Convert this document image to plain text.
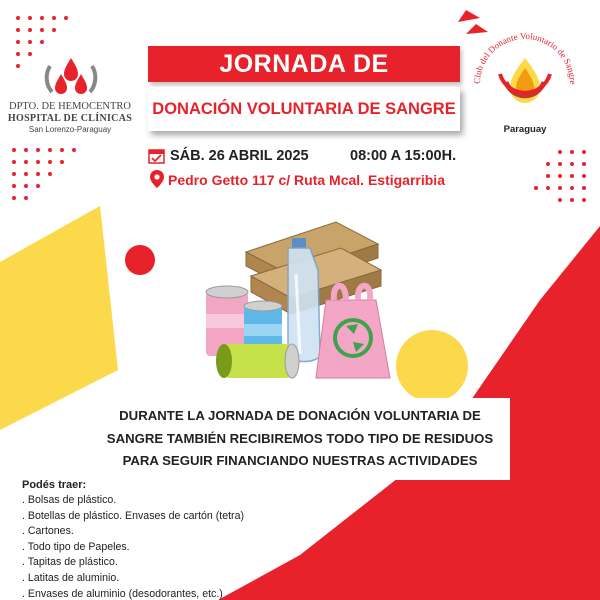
DPTO. DE HEMOCENTRO
HOSPITAL DE CLÍNICAS
San Lorenzo-Paraguay
JORNADA DE
DONACIÓN VOLUNTARIA DE SANGRE
Club del Donante Voluntario de Sangre
Paraguay
SÁB. 26 ABRIL 2025	08:00 A 15:00H.
Pedro Getto 117 c/ Ruta Mcal. Estigarribia
DURANTE LA JORNADA DE DONACIÓN VOLUNTARIA DE
SANGRE TAMBIÉN RECIBIREMOS TODO TIPO DE RESIDUOS
PARA SEGUIR FINANCIANDO NUESTRAS ACTIVIDADES
Podés traer:
. Bolsas de plástico.
. Botellas de plástico. Envases de cartón (tetra)
. Cartones.
. Todo tipo de Papeles.
. Tapitas de plástico.
. Latitas de aluminio.
. Envases de aluminio (desodorantes, etc.)
